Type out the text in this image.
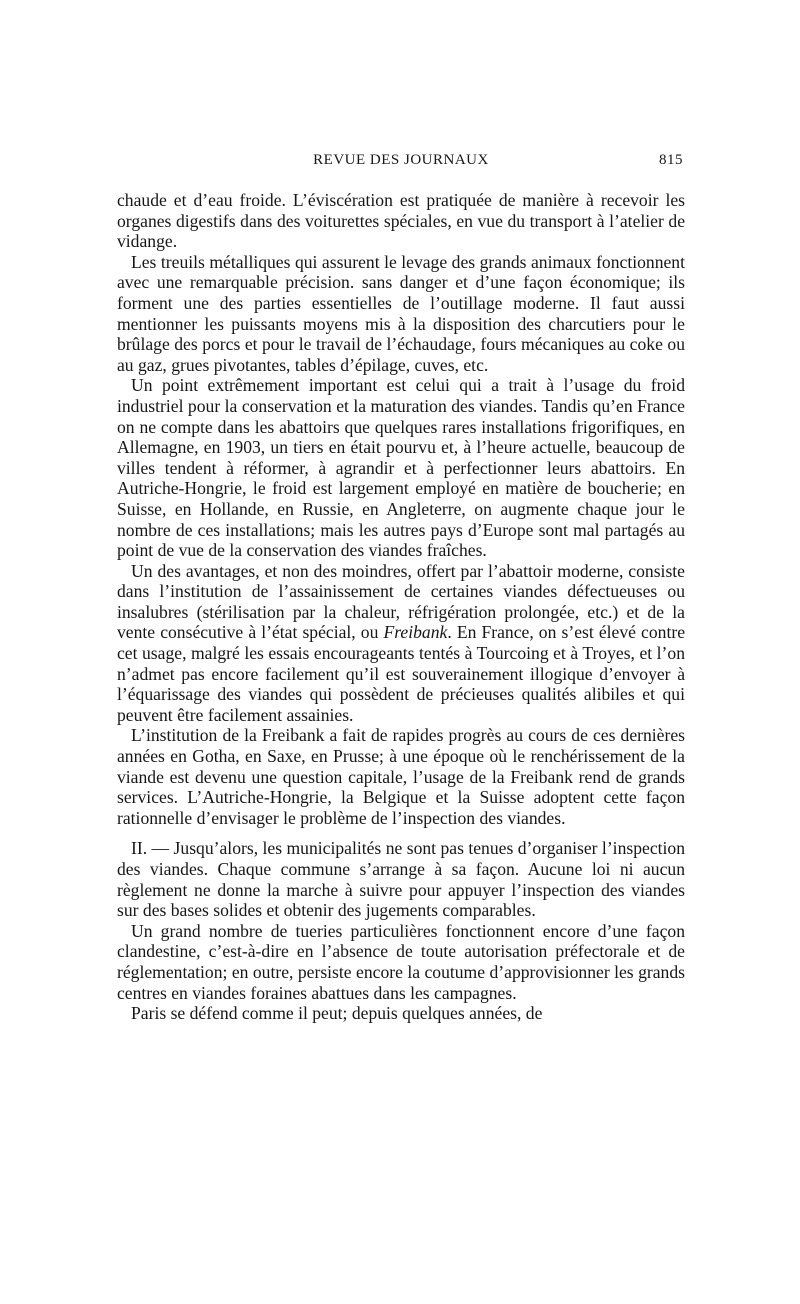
REVUE DES JOURNAUX	815

chaude et d’eau froide. L’éviscération est pratiquée de manière à recevoir les organes digestifs dans des voiturettes spéciales, en vue du transport à l’atelier de vidange.

Les treuils métalliques qui assurent le levage des grands animaux fonctionnent avec une remarquable précision. sans danger et d’une façon économique; ils forment une des parties essentielles de l’outillage moderne. Il faut aussi mentionner les puissants moyens mis à la disposition des charcutiers pour le brûlage des porcs et pour le travail de l’échaudage, fours mécaniques au coke ou au gaz, grues pivotantes, tables d’épilage, cuves, etc.

Un point extrêmement important est celui qui a trait à l’usage du froid industriel pour la conservation et la maturation des viandes. Tandis qu’en France on ne compte dans les abattoirs que quelques rares installations frigorifiques, en Allemagne, en 1903, un tiers en était pourvu et, à l’heure actuelle, beaucoup de villes tendent à réformer, à agrandir et à perfectionner leurs abattoirs. En Autriche-Hongrie, le froid est largement employé en matière de boucherie; en Suisse, en Hollande, en Russie, en Angleterre, on augmente chaque jour le nombre de ces installations; mais les autres pays d’Europe sont mal partagés au point de vue de la conservation des viandes fraîches.

Un des avantages, et non des moindres, offert par l’abattoir moderne, consiste dans l’institution de l’assainissement de certaines viandes défectueuses ou insalubres (stérilisation par la chaleur, réfrigération prolongée, etc.) et de la vente consécutive à l’état spécial, ou Freibank. En France, on s’est élevé contre cet usage, malgré les essais encourageants tentés à Tourcoing et à Troyes, et l’on n’admet pas encore facilement qu’il est souverainement illogique d’envoyer à l’équarissage des viandes qui possèdent de précieuses qualités alibiles et qui peuvent être facilement assainies.

L’institution de la Freibank a fait de rapides progrès au cours de ces dernières années en Gotha, en Saxe, en Prusse; à une époque où le renchérissement de la viande est devenu une question capitale, l’usage de la Freibank rend de grands services. L’Autriche-Hongrie, la Belgique et la Suisse adoptent cette façon rationnelle d’envisager le problème de l’inspection des viandes.

II. — Jusqu’alors, les municipalités ne sont pas tenues d’organiser l’inspection des viandes. Chaque commune s’arrange à sa façon. Aucune loi ni aucun règlement ne donne la marche à suivre pour appuyer l’inspection des viandes sur des bases solides et obtenir des jugements comparables.

Un grand nombre de tueries particulières fonctionnent encore d’une façon clandestine, c’est-à-dire en l’absence de toute autorisation préfectorale et de réglementation; en outre, persiste encore la coutume d’approvisionner les grands centres en viandes foraines abattues dans les campagnes.

Paris se défend comme il peut; depuis quelques années, de
